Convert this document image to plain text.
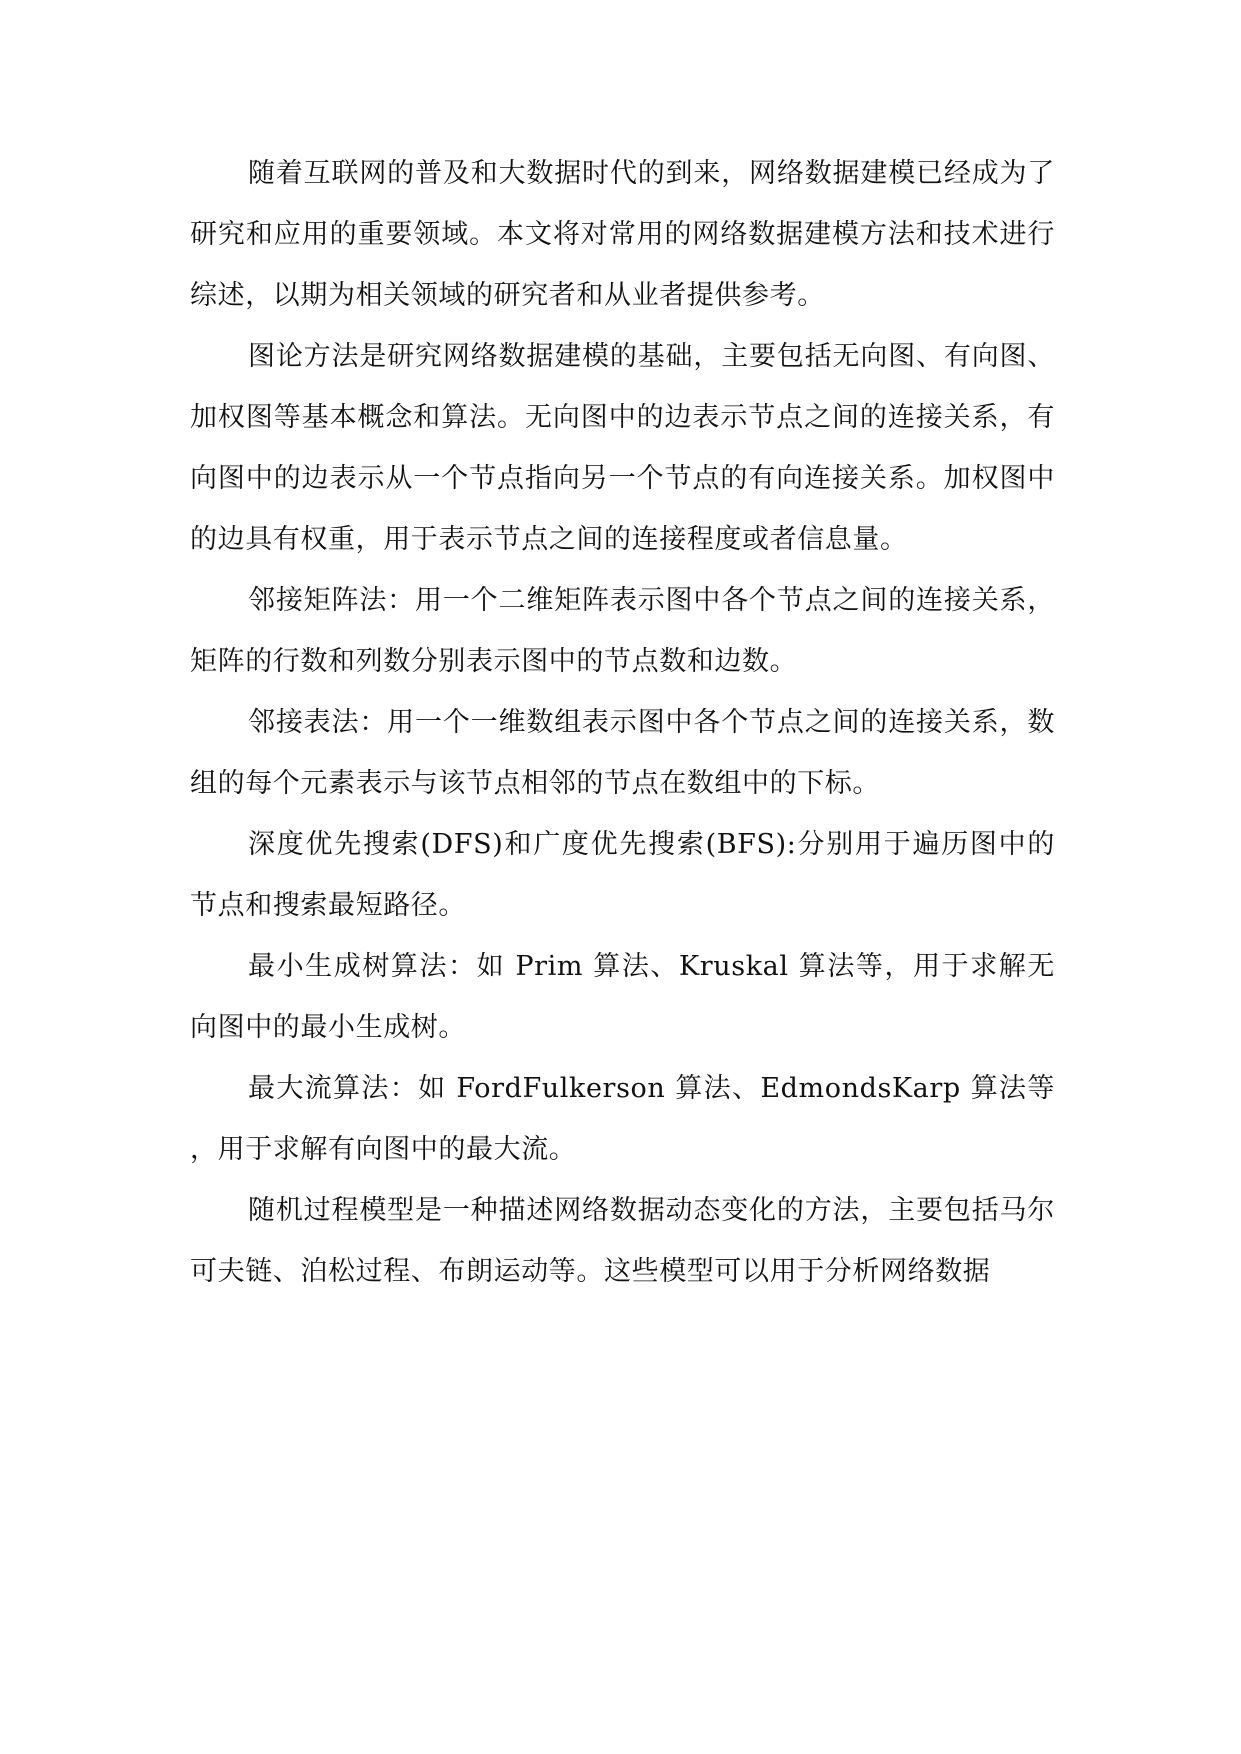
随着互联网的普及和大数据时代的到来，网络数据建模已经成为了研究和应用的重要领域。本文将对常用的网络数据建模方法和技术进行综述，以期为相关领域的研究者和从业者提供参考。

图论方法是研究网络数据建模的基础，主要包括无向图、有向图、加权图等基本概念和算法。无向图中的边表示节点之间的连接关系，有向图中的边表示从一个节点指向另一个节点的有向连接关系。加权图中的边具有权重，用于表示节点之间的连接程度或者信息量。

邻接矩阵法：用一个二维矩阵表示图中各个节点之间的连接关系，矩阵的行数和列数分别表示图中的节点数和边数。

邻接表法：用一个一维数组表示图中各个节点之间的连接关系，数组的每个元素表示与该节点相邻的节点在数组中的下标。

深度优先搜索(DFS)和广度优先搜索(BFS):分别用于遍历图中的节点和搜索最短路径。

最小生成树算法：如 Prim 算法、Kruskal 算法等，用于求解无向图中的最小生成树。

最大流算法：如 FordFulkerson 算法、EdmondsKarp 算法等，用于求解有向图中的最大流。

随机过程模型是一种描述网络数据动态变化的方法，主要包括马尔可夫链、泊松过程、布朗运动等。这些模型可以用于分析网络数据
